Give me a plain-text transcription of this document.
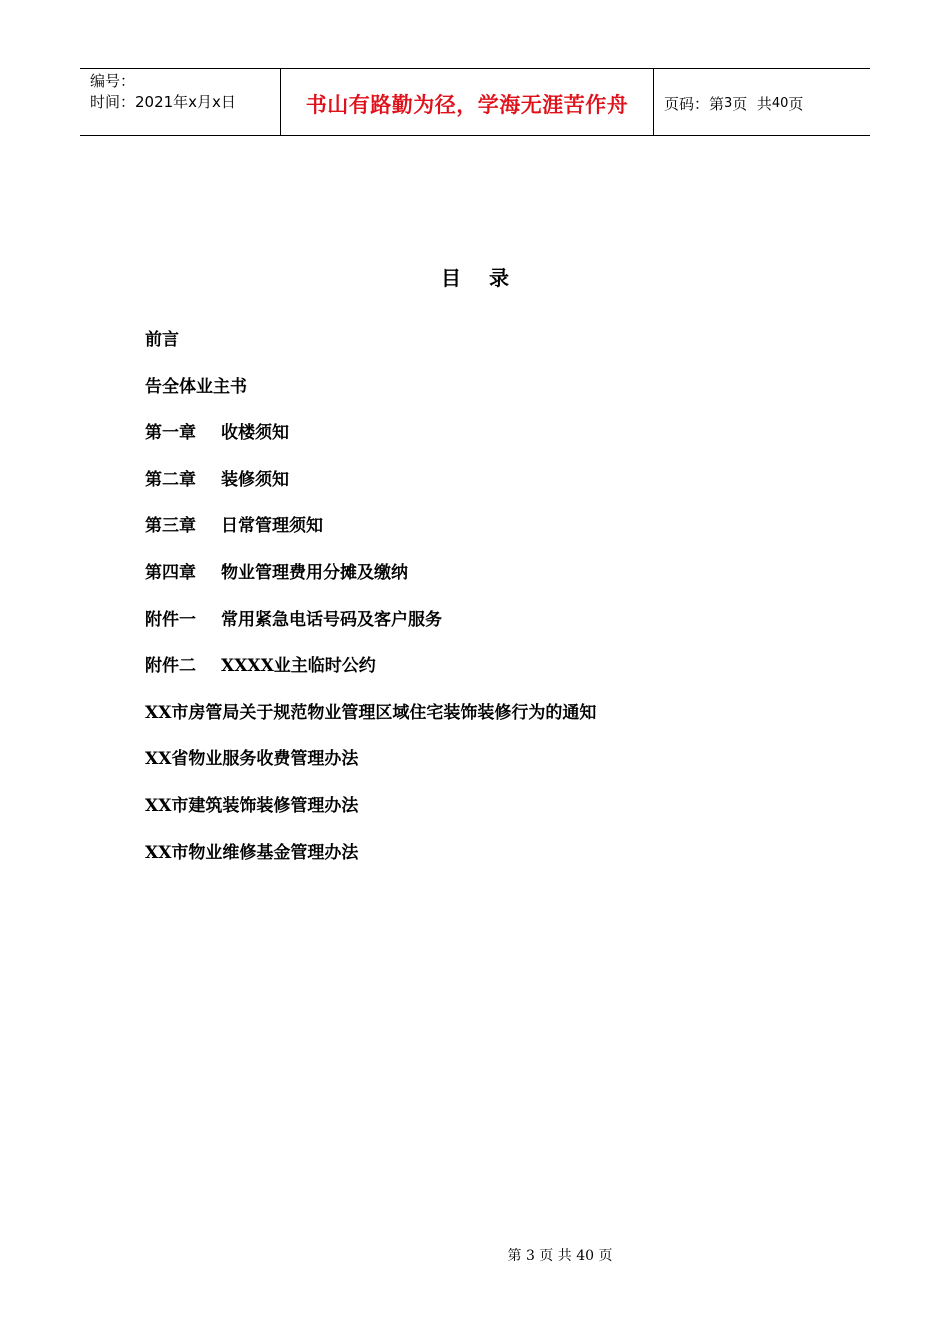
编号：
时间：2021年x月x日	书山有路勤为径，学海无涯苦作舟	页码：第 3 页  共 40 页
目录
前言
告全体业主书
第一章 收楼须知
第二章 装修须知
第三章 日常管理须知
第四章 物业管理费用分摊及缴纳
附件一 常用紧急电话号码及客户服务
附件二 XXXX业主临时公约
XX市房管局关于规范物业管理区域住宅装饰装修行为的通知
XX省物业服务收费管理办法
XX市建筑装饰装修管理办法
XX市物业维修基金管理办法
第 3 页 共 40 页
